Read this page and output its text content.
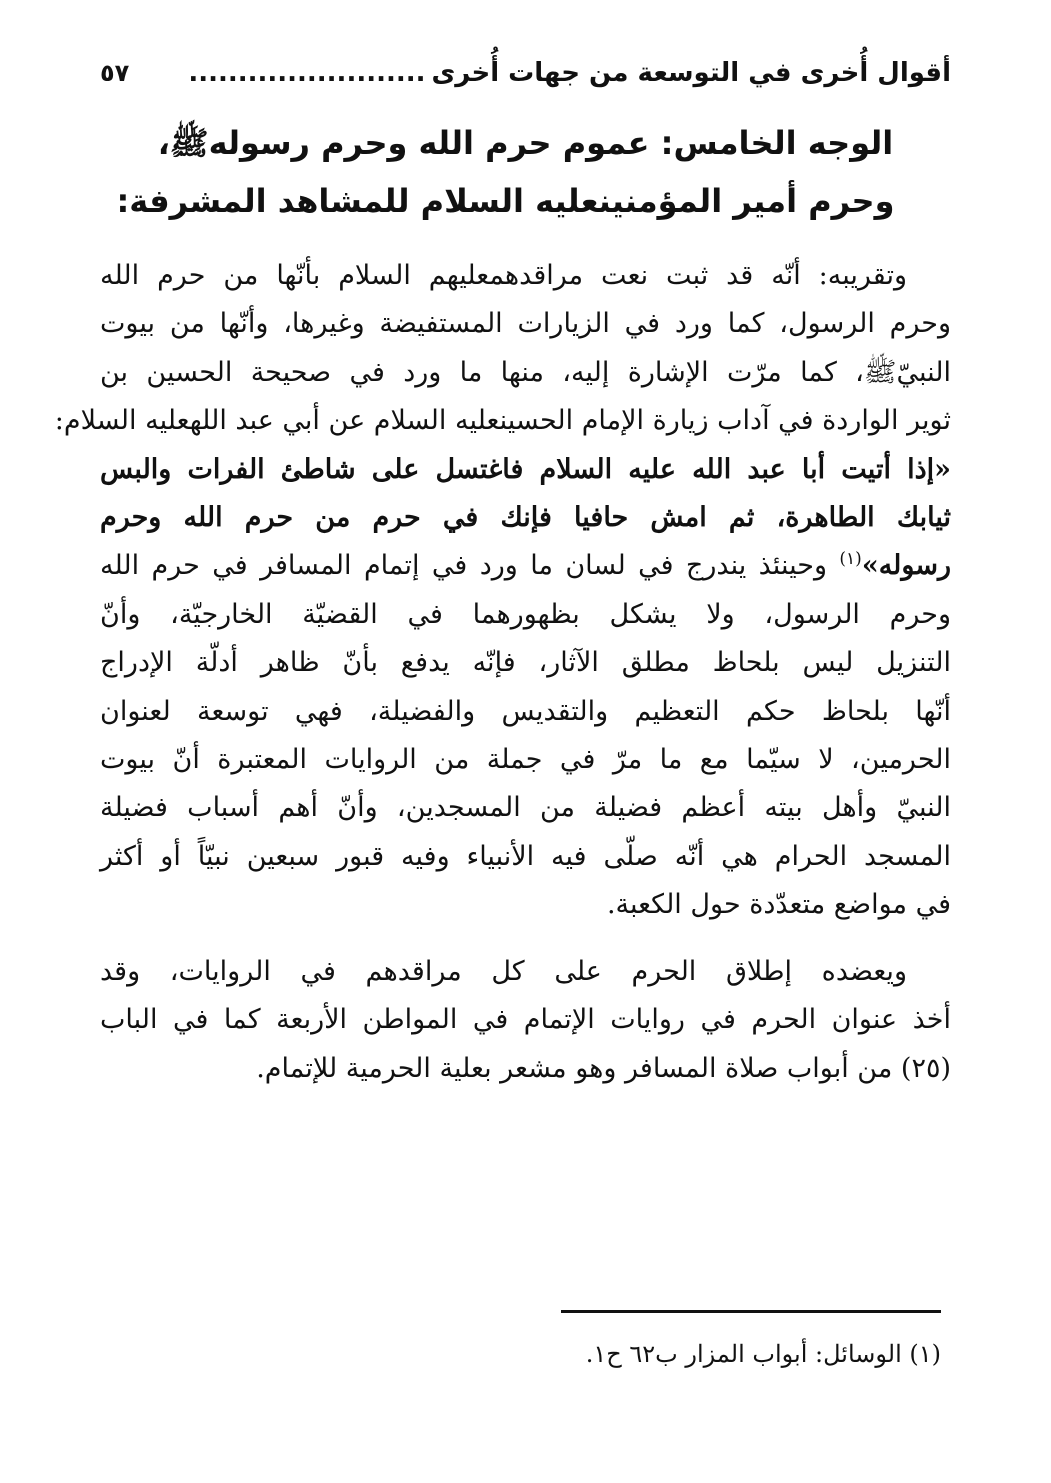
أقوال أُخرى في التوسعة من جهات أُخرى........................
٥٧
الوجه الخامس: عموم حرم الله وحرم رسولهﷺ،
وحرم أمير المؤمنينعليه السلام للمشاهد المشرفة:
وتقريبه: أنّه قد ثبت نعت مراقدهمعليهم السلام بأنّها من حرم الله
وحرم الرسول، كما ورد في الزيارات المستفيضة وغيرها، وأنّها من بيوت
النبيّﷺ، كما مرّت الإشارة إليه، منها ما ورد في صحيحة الحسين بن
ثوير الواردة في آداب زيارة الإمام الحسينعليه السلام عن أبي عبد اللهعليه السلام:
«إذا أتيت أبا عبد الله عليه السلام فاغتسل على شاطئ الفرات والبس
ثيابك الطاهرة، ثم امش حافيا فإنك في حرم من حرم الله وحرم
رسوله»$^{(١)}$ وحينئذ يندرج في لسان ما ورد في إتمام المسافر في حرم الله
وحرم الرسول، ولا يشكل بظهورهما في القضيّة الخارجيّة، وأنّ
التنزيل ليس بلحاظ مطلق الآثار، فإنّه يدفع بأنّ ظاهر أدلّة الإدراج
أنّها بلحاظ حكم التعظيم والتقديس والفضيلة، فهي توسعة لعنوان
الحرمين، لا سيّما مع ما مرّ في جملة من الروايات المعتبرة أنّ بيوت
النبيّ وأهل بيته أعظم فضيلة من المسجدين، وأنّ أهم أسباب فضيلة
المسجد الحرام هي أنّه صلّى فيه الأنبياء وفيه قبور سبعين نبيّاً أو أكثر
في مواضع متعدّدة حول الكعبة.
ويعضده إطلاق الحرم على كل مراقدهم في الروايات، وقد
أخذ عنوان الحرم في روايات الإتمام في المواطن الأربعة كما في الباب
(٢٥) من أبواب صلاة المسافر وهو مشعر بعلية الحرمية للإتمام.
(١) الوسائل: أبواب المزار ب٦٢ ح١.
